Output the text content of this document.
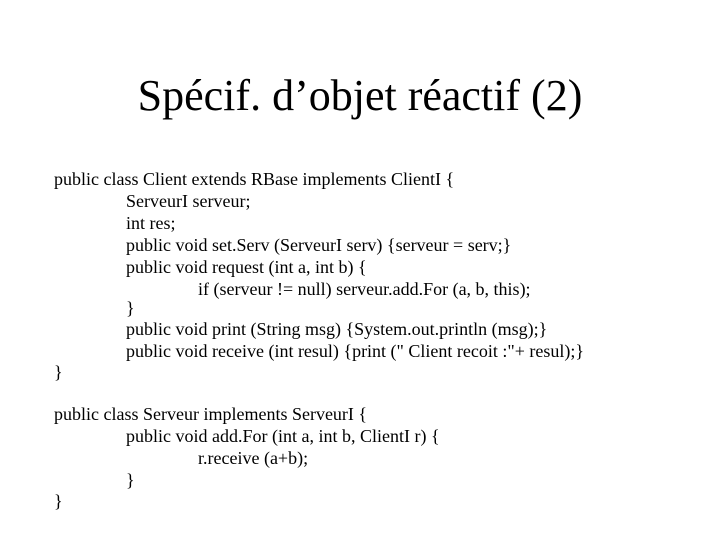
Spécif. d’objet réactif (2)
public class Client extends RBase implements ClientI {
ServeurI serveur;
int res;
public void set.Serv (ServeurI serv) {serveur = serv;}
public void request (int a, int b) {
if (serveur != null) serveur.add.For (a, b, this);
}
public void print (String msg) {System.out.println (msg);}
public void receive (int resul) {print (" Client recoit :"+ resul);}
}
public class Serveur implements ServeurI {
public void add.For (int a, int b, ClientI r) {
r.receive (a+b);
}
}
